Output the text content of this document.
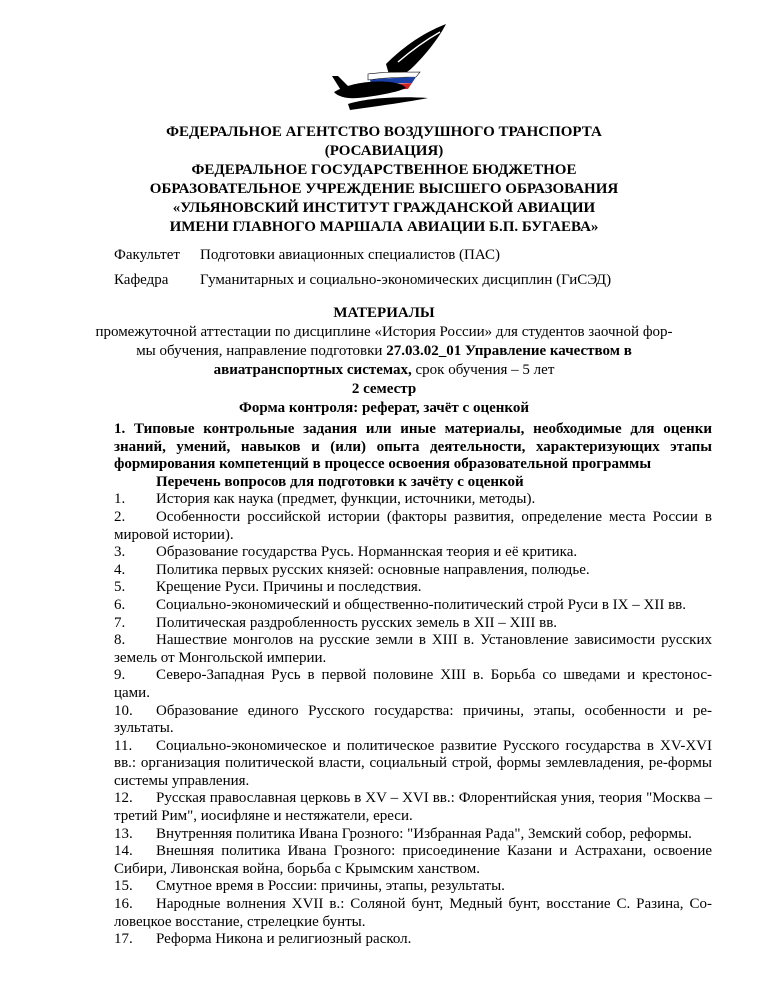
ФЕДЕРАЛЬНОЕ АГЕНТСТВО ВОЗДУШНОГО ТРАНСПОРТА
(РОСАВИАЦИЯ)
ФЕДЕРАЛЬНОЕ ГОСУДАРСТВЕННОЕ БЮДЖЕТНОЕ
ОБРАЗОВАТЕЛЬНОЕ УЧРЕЖДЕНИЕ ВЫСШЕГО ОБРАЗОВАНИЯ
«УЛЬЯНОВСКИЙ ИНСТИТУТ ГРАЖДАНСКОЙ АВИАЦИИ
ИМЕНИ ГЛАВНОГО МАРШАЛА АВИАЦИИ Б.П. БУГАЕВА»
Факультет Подготовки авиационных специалистов (ПАС)
Кафедра Гуманитарных и социально-экономических дисциплин (ГиСЭД)
МАТЕРИАЛЫ
промежуточной аттестации по дисциплине «История России» для студентов заочной фор-мы обучения, направление подготовки 27.03.02_01 Управление качеством в авиатранспортных системах, срок обучения – 5 лет
2 семестр
Форма контроля: реферат, зачёт с оценкой
1. Типовые контрольные задания или иные материалы, необходимые для оценки знаний, умений, навыков и (или) опыта деятельности, характеризующих этапы формирования компетенций в процессе освоения образовательной программы
Перечень вопросов для подготовки к зачёту с оценкой
1. История как наука (предмет, функции, источники, методы).
2. Особенности российской истории (факторы развития, определение места России в мировой истории).
3. Образование государства Русь. Норманнская теория и её критика.
4. Политика первых русских князей: основные направления, полюдье.
5. Крещение Руси. Причины и последствия.
6. Социально-экономический и общественно-политический строй Руси в IX – XII вв.
7. Политическая раздробленность русских земель в XII – XIII вв.
8. Нашествие монголов на русские земли в XIII в. Установление зависимости русских земель от Монгольской империи.
9. Северо-Западная Русь в первой половине XIII в. Борьба со шведами и крестонос-цами.
10. Образование единого Русского государства: причины, этапы, особенности и ре-зультаты.
11. Социально-экономическое и политическое развитие Русского государства в XV-XVI вв.: организация политической власти, социальный строй, формы землевладения, ре-формы системы управления.
12. Русская православная церковь в XV – XVI вв.: Флорентийская уния, теория "Москва – третий Рим", иосифляне и нестяжатели, ереси.
13. Внутренняя политика Ивана Грозного: "Избранная Рада", Земский собор, реформы.
14. Внешняя политика Ивана Грозного: присоединение Казани и Астрахани, освоение Сибири, Ливонская война, борьба с Крымским ханством.
15. Смутное время в России: причины, этапы, результаты.
16. Народные волнения XVII в.: Соляной бунт, Медный бунт, восстание С. Разина, Со-ловецкое восстание, стрелецкие бунты.
17. Реформа Никона и религиозный раскол.
